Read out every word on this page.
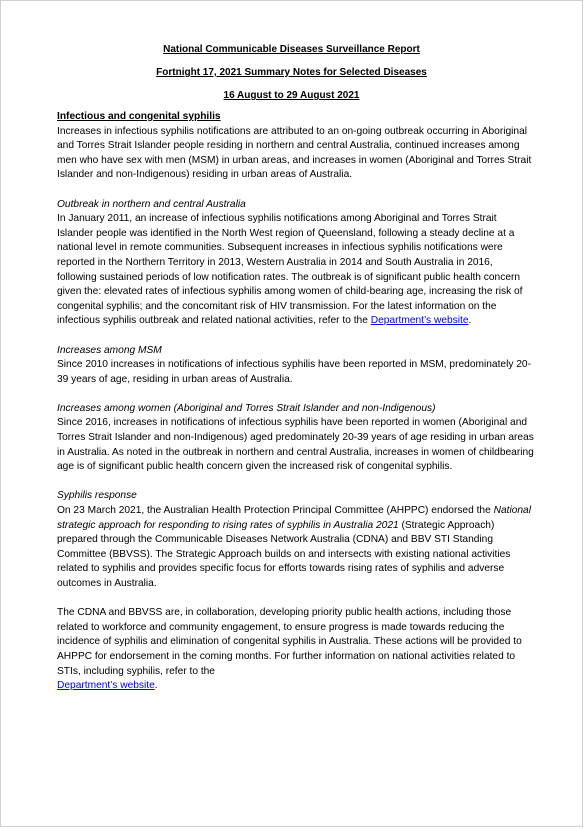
National Communicable Diseases Surveillance Report
Fortnight 17, 2021 Summary Notes for Selected Diseases
16 August to 29 August 2021
Infectious and congenital syphilis

Increases in infectious syphilis notifications are attributed to an on-going outbreak occurring in Aboriginal and Torres Strait Islander people residing in northern and central Australia, continued increases among men who have sex with men (MSM) in urban areas, and increases in women (Aboriginal and Torres Strait Islander and non-Indigenous) residing in urban areas of Australia.

Outbreak in northern and central Australia

In January 2011, an increase of infectious syphilis notifications among Aboriginal and Torres Strait Islander people was identified in the North West region of Queensland, following a steady decline at a national level in remote communities. Subsequent increases in infectious syphilis notifications were reported in the Northern Territory in 2013, Western Australia in 2014 and South Australia in 2016, following sustained periods of low notification rates. The outbreak is of significant public health concern given the: elevated rates of infectious syphilis among women of child-bearing age, increasing the risk of congenital syphilis; and the concomitant risk of HIV transmission. For the latest information on the infectious syphilis outbreak and related national activities, refer to the Department’s website.

Increases among MSM

Since 2010 increases in notifications of infectious syphilis have been reported in MSM, predominately 20-39 years of age, residing in urban areas of Australia.

Increases among women (Aboriginal and Torres Strait Islander and non-Indigenous)

Since 2016, increases in notifications of infectious syphilis have been reported in women (Aboriginal and Torres Strait Islander and non-Indigenous) aged predominately 20-39 years of age residing in urban areas in Australia. As noted in the outbreak in northern and central Australia, increases in women of childbearing age is of significant public health concern given the increased risk of congenital syphilis.

Syphilis response

On 23 March 2021, the Australian Health Protection Principal Committee (AHPPC) endorsed the National strategic approach for responding to rising rates of syphilis in Australia 2021 (Strategic Approach) prepared through the Communicable Diseases Network Australia (CDNA) and BBV STI Standing Committee (BBVSS). The Strategic Approach builds on and intersects with existing national activities related to syphilis and provides specific focus for efforts towards rising rates of syphilis and adverse outcomes in Australia.

The CDNA and BBVSS are, in collaboration, developing priority public health actions, including those related to workforce and community engagement, to ensure progress is made towards reducing the incidence of syphilis and elimination of congenital syphilis in Australia. These actions will be provided to AHPPC for endorsement in the coming months. For further information on national activities related to STIs, including syphilis, refer to the
Department’s website.
